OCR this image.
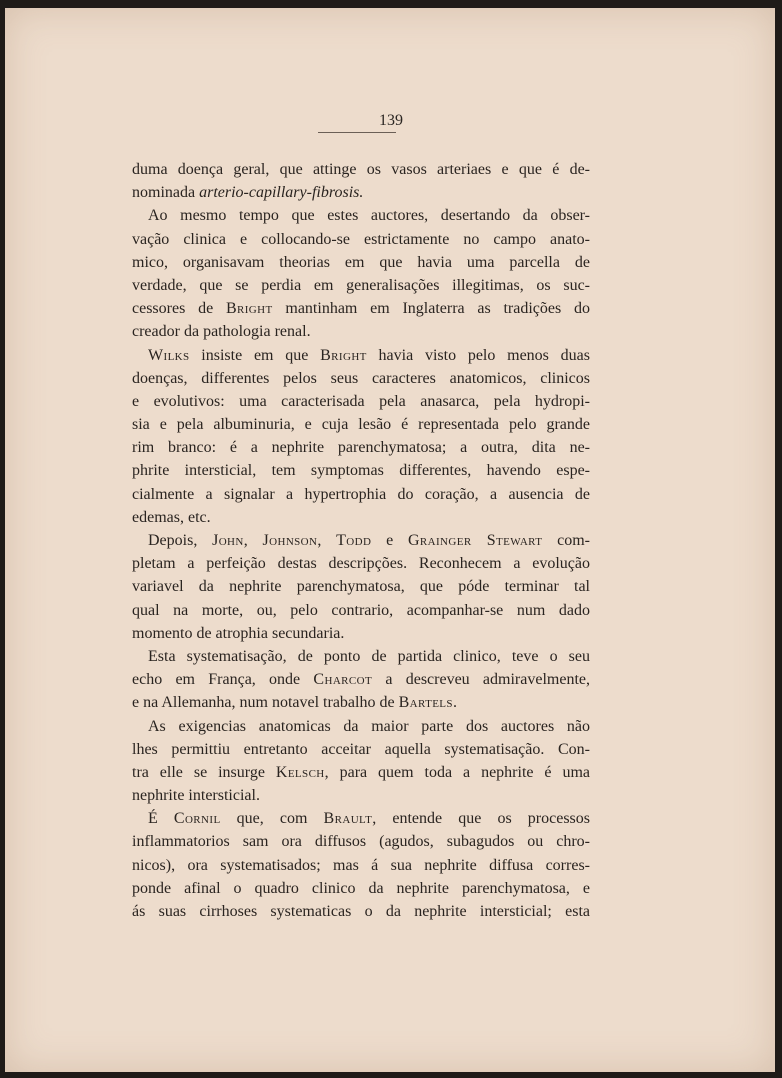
139
duma doença geral, que attinge os vasos arteriaes e que é de-
nominada arterio-capillary-fibrosis.
Ao mesmo tempo que estes auctores, desertando da obser-
vação clinica e collocando-se estrictamente no campo anato-
mico, organisavam theorias em que havia uma parcella de
verdade, que se perdia em generalisações illegitimas, os suc-
cessores de Bright mantinham em Inglaterra as tradições do
creador da pathologia renal.
Wilks insiste em que Bright havia visto pelo menos duas
doenças, differentes pelos seus caracteres anatomicos, clinicos
e evolutivos: uma caracterisada pela anasarca, pela hydropi-
sia e pela albuminuria, e cuja lesão é representada pelo grande
rim branco: é a nephrite parenchymatosa; a outra, dita ne-
phrite intersticial, tem symptomas differentes, havendo espe-
cialmente a signalar a hypertrophia do coração, a ausencia de
edemas, etc.
Depois, John, Johnson, Todd e Grainger Stewart com-
pletam a perfeição destas descripções. Reconhecem a evolução
variavel da nephrite parenchymatosa, que póde terminar tal
qual na morte, ou, pelo contrario, acompanhar-se num dado
momento de atrophia secundaria.
Esta systematisação, de ponto de partida clinico, teve o seu
echo em França, onde Charcot a descreveu admiravelmente,
e na Allemanha, num notavel trabalho de Bartels.
As exigencias anatomicas da maior parte dos auctores não
lhes permittiu entretanto acceitar aquella systematisação. Con-
tra elle se insurge Kelsch, para quem toda a nephrite é uma
nephrite intersticial.
É Cornil que, com Brault, entende que os processos
inflammatorios sam ora diffusos (agudos, subagudos ou chro-
nicos), ora systematisados; mas á sua nephrite diffusa corres-
ponde afinal o quadro clinico da nephrite parenchymatosa, e
ás suas cirrhoses systematicas o da nephrite intersticial; esta
